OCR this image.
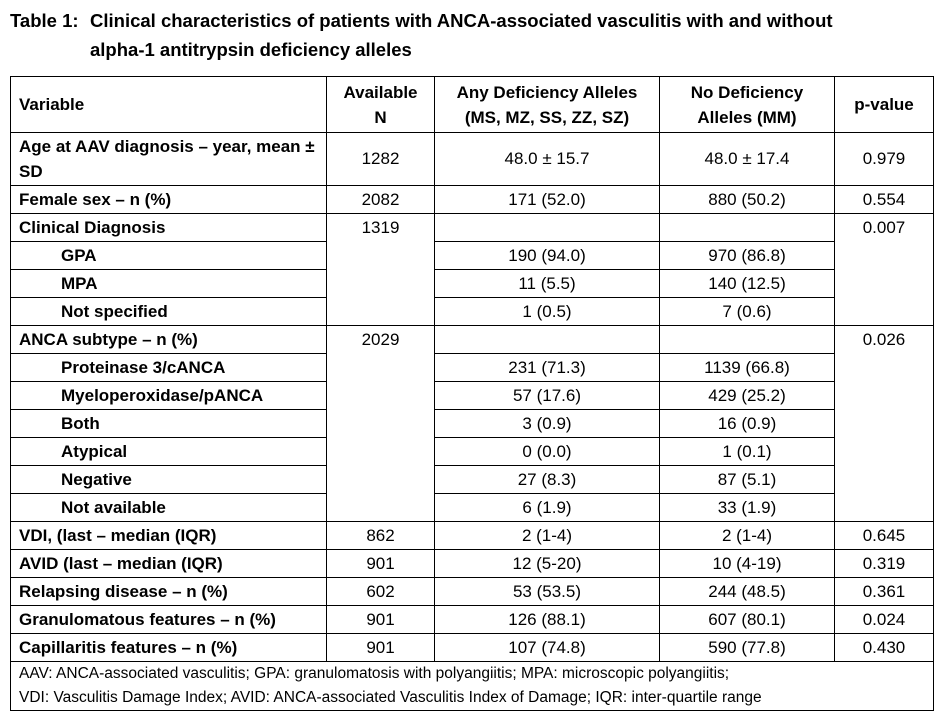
Table 1: Clinical characteristics of patients with ANCA-associated vasculitis with and without
alpha-1 antitrypsin deficiency alleles
Variable	Available N	Any Deficiency Alleles (MS, MZ, SS, ZZ, SZ)	No Deficiency Alleles (MM)	p-value
Age at AAV diagnosis – year, mean ± SD	1282	48.0 ± 15.7	48.0 ± 17.4	0.979
Female sex – n (%)	2082	171 (52.0)	880 (50.2)	0.554
Clinical Diagnosis	1319			0.007
GPA		190 (94.0)	970 (86.8)	
MPA		11 (5.5)	140 (12.5)	
Not specified		1 (0.5)	7 (0.6)	
ANCA subtype – n (%)	2029			0.026
Proteinase 3/cANCA		231 (71.3)	1139 (66.8)	
Myeloperoxidase/pANCA		57 (17.6)	429 (25.2)	
Both		3 (0.9)	16 (0.9)	
Atypical		0 (0.0)	1 (0.1)	
Negative		27 (8.3)	87 (5.1)	
Not available		6 (1.9)	33 (1.9)	
VDI, (last – median (IQR)	862	2 (1-4)	2 (1-4)	0.645
AVID (last – median (IQR)	901	12 (5-20)	10 (4-19)	0.319
Relapsing disease – n (%)	602	53 (53.5)	244 (48.5)	0.361
Granulomatous features – n (%)	901	126 (88.1)	607 (80.1)	0.024
Capillaritis features – n (%)	901	107 (74.8)	590 (77.8)	0.430

AAV: ANCA-associated vasculitis; GPA: granulomatosis with polyangiitis; MPA: microscopic polyangiitis;
VDI: Vasculitis Damage Index; AVID: ANCA-associated Vasculitis Index of Damage; IQR: inter-quartile range				
